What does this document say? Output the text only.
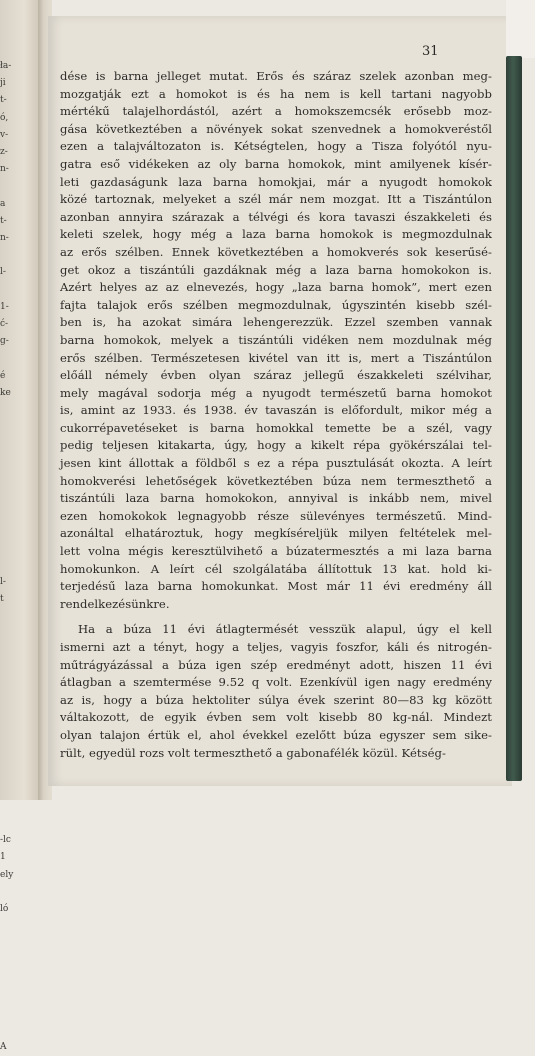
ła-
ji
t-
ó,
v-
z-
n-

a
t-
n-

l-

1-
ć-
g-

é
ke

l-
t

-lc
1
ely

ló

A
31
dése is barna jelleget mutat. Erős és száraz szelek azonban meg-
mozgatják ezt a homokot is és ha nem is kell tartani nagyobb
mértékű talajelhordástól, azért a homokszemcsék erősebb moz-
gása következtében a növények sokat szenvednek a homokveréstől
ezen a talajváltozaton is. Kétségtelen, hogy a Tisza folyótól nyu-
gatra eső vidékeken az oly barna homokok, mint amilyenek kísér-
leti gazdaságunk laza barna homokjai, már a nyugodt homokok
közé tartoznak, melyeket a szél már nem mozgat. Itt a Tiszántúlon
azonban annyira szárazak a télvégi és kora tavaszi északkeleti és
keleti szelek, hogy még a laza barna homokok is megmozdulnak
az erős szélben. Ennek következtében a homokverés sok keserűsé-
get okoz a tiszántúli gazdáknak még a laza barna homokokon is.
Azért helyes az az elnevezés, hogy „laza barna homok”, mert ezen
fajta talajok erős szélben megmozdulnak, úgyszintén kisebb szél-
ben is, ha azokat simára lehengerezzük. Ezzel szemben vannak
barna homokok, melyek a tiszántúli vidéken nem mozdulnak még
erős szélben. Természetesen kivétel van itt is, mert a Tiszántúlon
előáll némely évben olyan száraz jellegű északkeleti szélvihar,
mely magával sodorja még a nyugodt természetű barna homokot
is, amint az 1933. és 1938. év tavaszán is előfordult, mikor még a
cukorrépavetéseket is barna homokkal temette be a szél, vagy
pedig teljesen kitakarta, úgy, hogy a kikelt répa gyökérszálai tel-
jesen kint állottak a földből s ez a répa pusztulását okozta. A leírt
homokverési lehetőségek következtében búza nem termeszthető a
tiszántúli laza barna homokokon, annyival is inkább nem, mivel
ezen homokokok legnagyobb része sülevényes természetű. Mind-
azonáltal elhatároztuk, hogy megkíséreljük milyen feltételek mel-
lett volna mégis keresztülvihető a búzatermesztés a mi laza barna
homokunkon. A leírt cél szolgálatába állítottuk 13 kat. hold ki-
terjedésű laza barna homokunkat. Most már 11 évi eredmény áll
rendelkezésünkre.
Ha a búza 11 évi átlagtermését vesszük alapul, úgy el kell
ismerni azt a tényt, hogy a teljes, vagyis foszfor, káli és nitrogén-
műtrágyázással a búza igen szép eredményt adott, hiszen 11 évi
átlagban a szemtermése 9.52 q volt. Ezenkívül igen nagy eredmény
az is, hogy a búza hektoliter súlya évek szerint 80—83 kg között
váltakozott, de egyik évben sem volt kisebb 80 kg-nál. Mindezt
olyan talajon értük el, ahol évekkel ezelőtt búza egyszer sem sike-
rült, egyedül rozs volt termeszthető a gabonafélék közül. Kétség-
